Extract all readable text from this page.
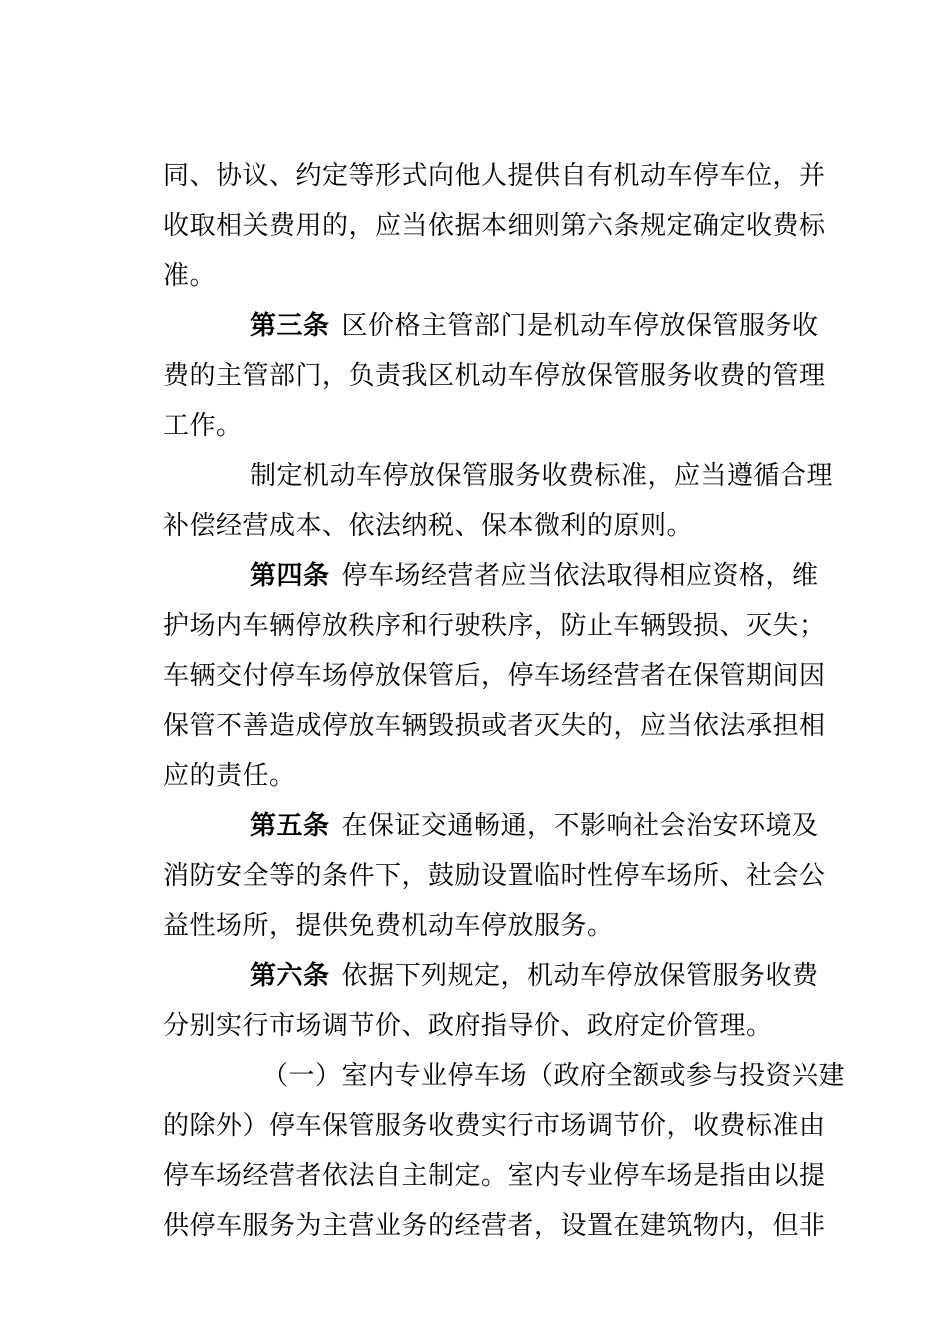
同、协议、约定等形式向他人提供自有机动车停车位，并
收取相关费用的，应当依据本细则第六条规定确定收费标
准。
第三条 区价格主管部门是机动车停放保管服务收
费的主管部门，负责我区机动车停放保管服务收费的管理
工作。
制定机动车停放保管服务收费标准，应当遵循合理
补偿经营成本、依法纳税、保本微利的原则。
第四条 停车场经营者应当依法取得相应资格，维
护场内车辆停放秩序和行驶秩序，防止车辆毁损、灭失；
车辆交付停车场停放保管后，停车场经营者在保管期间因
保管不善造成停放车辆毁损或者灭失的，应当依法承担相
应的责任。
第五条 在保证交通畅通，不影响社会治安环境及
消防安全等的条件下，鼓励设置临时性停车场所、社会公
益性场所，提供免费机动车停放服务。
第六条 依据下列规定，机动车停放保管服务收费
分别实行市场调节价、政府指导价、政府定价管理。
（一）室内专业停车场（政府全额或参与投资兴建
的除外）停车保管服务收费实行市场调节价，收费标准由
停车场经营者依法自主制定。室内专业停车场是指由以提
供停车服务为主营业务的经营者，设置在建筑物内，但非
